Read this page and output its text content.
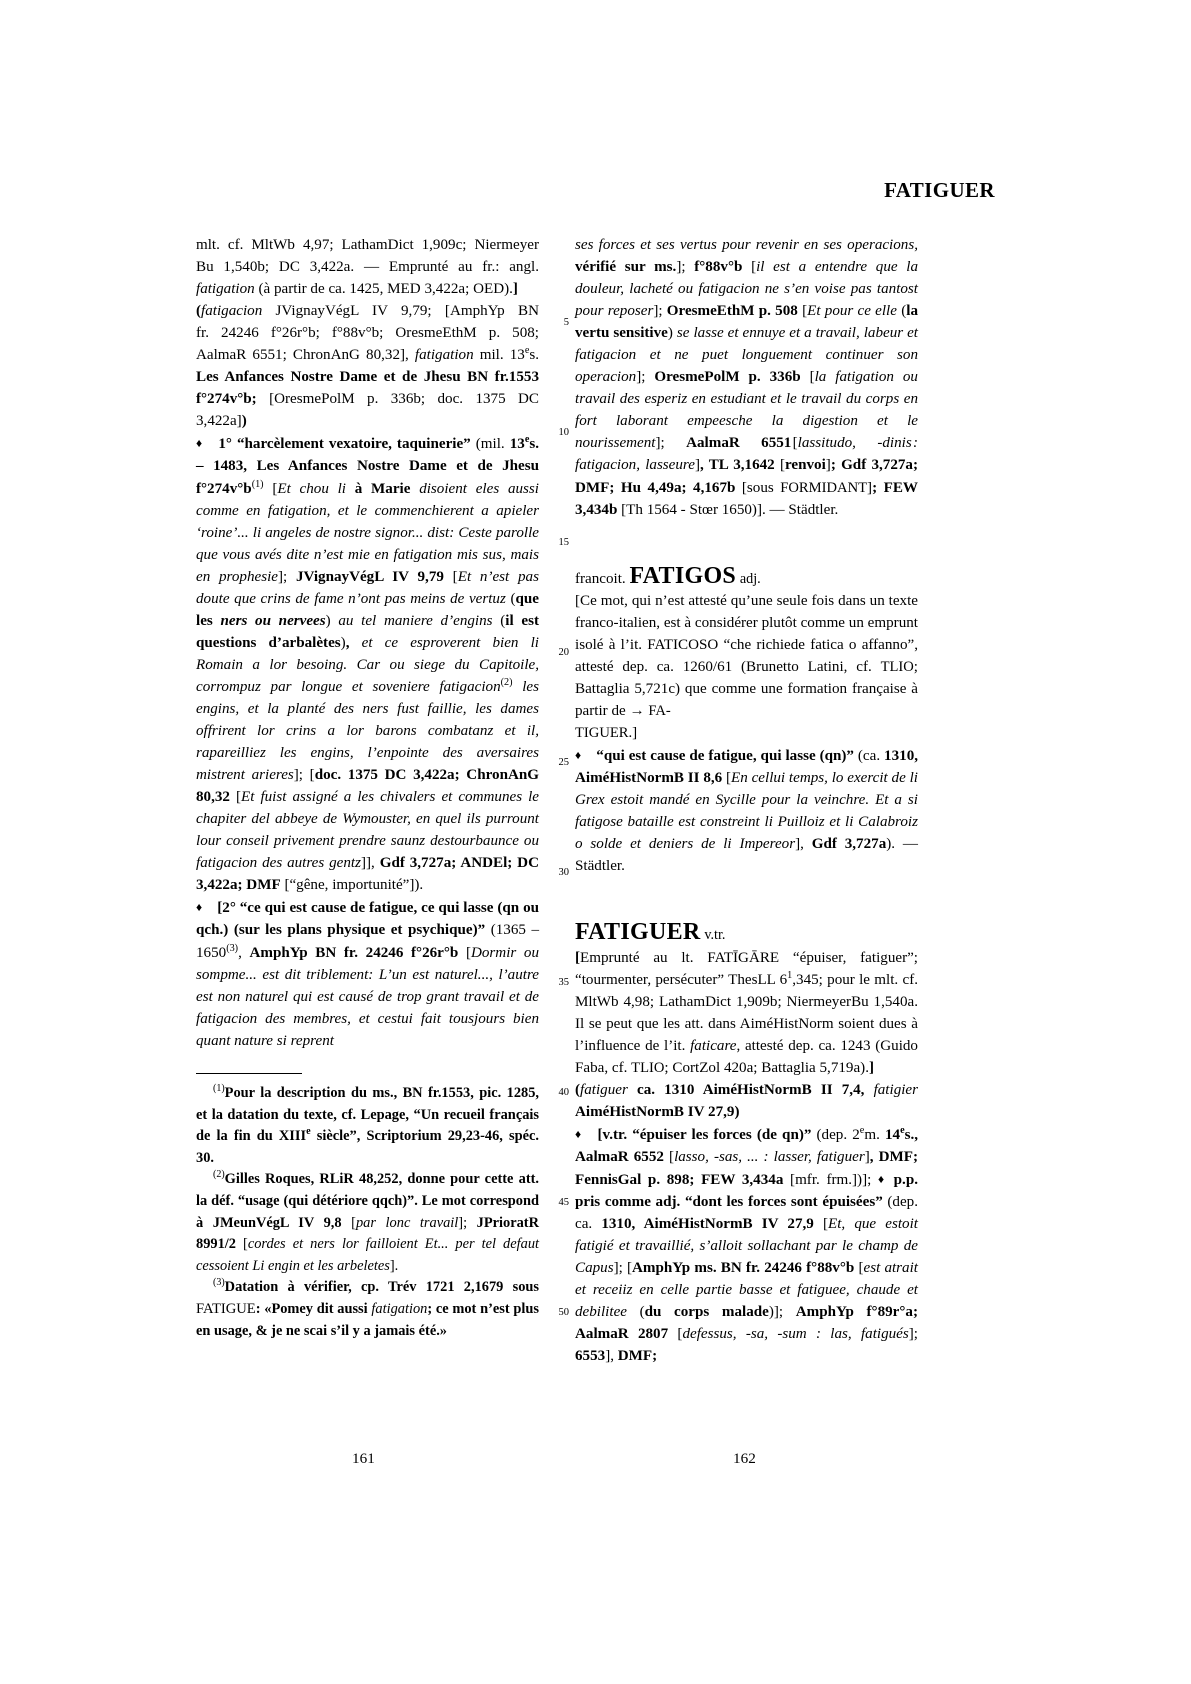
FATIGUER

mlt. cf. MltWb 4,97; LathamDict 1,909c; NiermeyerBu 1,540b; DC 3,422a. — Emprunté au fr.: angl. fatigation (à partir de ca. 1425, MED 3,422a; OED).]

(fatigacion JVignayVégL IV 9,79; [AmphYp BN fr. 24246 f°26r°b; f°88v°b; OresmeEthM p. 508; AalmaR 6551; ChronAnG 80,32], fatigation mil. 13es. Les Anfances Nostre Dame et de Jhesu BN fr.1553 f°274v°b; [OresmePolM p. 336b; doc. 1375 DC 3,422a])

♦ 1° “harcèlement vexatoire, taquinerie” (mil. 13es. – 1483, Les Anfances Nostre Dame et de Jhesu $f^\circ 274v^\circ b^{(1)}$ [Et chou li à Marie disoient eles aussi comme en fatigation, et le commenchierent a apieler ‘roine’... li angeles de nostre signor... dist: Ceste parolle que vous avés dite n’est mie en fatigation mis sus, mais en prophesie]; JVignayVégL IV 9,79 [Et n’est pas doute que crins de fame n’ont pas meins de vertuz (que les ners ou nervees) au tel maniere d’engins (il est questions d’arbalètes), et ce esproverent bien li Romain a lor besoing. Car ou siege du Capitoile, corrompuz par longue et soveniere fatigacion$^{(2)}$ les engins, et la planté des ners fust faillie, les dames offrirent lor crins a lor barons combatanz et il, rapareilliez les engins, l’enpointe des aversaires mistrent arieres]; [doc. 1375 DC 3,422a; ChronAnG 80,32 [Et fuist assigné a les chivalers et communes le chapiter del abbeye de Wymouster, en quel ils purrount lour conseil privement prendre saunz destourbaunce ou fatigacion des autres gentz]], Gdf 3,727a; ANDEl; DC 3,422a; DMF [“gêne, importunité”]).

♦ [2° “ce qui est cause de fatigue, ce qui lasse (qn ou qch.) (sur les plans physique et psychique)” (1365 – 1650$^{(3)}$, AmphYp BN fr. 24246 f°26r°b [Dormir ou sompme... est dit triblement: L’un est naturel..., l’autre est non naturel qui est causé de trop grant travail et de fatigacion des membres, et cestui fait tousjours bien quant nature si reprent

5
10
15
20
25
30
35
40
45
50

ses forces et ses vertus pour revenir en ses operacions, vérifié sur ms.]; f°88v°b [il est a entendre que la douleur, lacheté ou fatigacion ne s’en voise pas tantost pour reposer]; OresmeEthM p. 508 [Et pour ce elle (la vertu sensitive) se lasse et ennuye et a travail, labeur et fatigacion et ne puet longuement continuer son operacion]; OresmePolM p. 336b [la fatigation ou travail des esperiz en estudiant et le travail du corps en fort laborant empeesche la digestion et le nourissement]; AalmaR 6551 [lassitudo, -dinis : fatigacion, lasseure], TL 3,1642 [renvoi]; Gdf 3,727a; DMF; Hu 4,49a; 4,167b [sous FORMIDANT]; FEW 3,434b [Th 1564 - Stœr 1650)]. — Städtler.

francoit. FATIGOS adj.

[Ce mot, qui n’est attesté qu’une seule fois dans un texte franco-italien, est à considérer plutôt comme un emprunt isolé à l’it. FATICOSO “che richiede fatica o affanno”, attesté dep. ca. 1260/61 (Brunetto Latini, cf. TLIO; Battaglia 5,721c) que comme une formation française à partir de → FA-
TIGUER.]

♦ “qui est cause de fatigue, qui lasse (qn)” (ca. 1310, AiméHistNormB II 8,6 [En cellui temps, lo exercit de li Grex estoit mandé en Sycille pour la veinchre. Et a si fatigose bataille est constreint li Puilloiz et li Calabroiz o solde et deniers de li Impereor], Gdf 3,727a). — Städtler.

FATIGUER v.tr.

[Emprunté au lt. FATĪGĀRE “épuiser, fatiguer”; “tourmenter, persécuter” ThesLL $6^1,345$; pour le mlt. cf. MltWb 4,98; LathamDict 1,909b; NiermeyerBu 1,540a. Il se peut que les att. dans AiméHistNorm soient dues à l’influence de l’it. faticare, attesté dep. ca. 1243 (Guido Faba, cf. TLIO; CortZol 420a; Battaglia 5,719a).]

(fatiguer ca. 1310 AiméHistNormB II 7,4, fatigier AiméHistNormB IV 27,9)

♦ [v.tr. “épuiser les forces (de qn)” (dep. 2em. 14es., AalmaR 6552 [lasso, -sas, ... : lasser, fatiguer], DMF; FennisGal p. 898; FEW 3,434a [mfr. frm.])]; ♦ p.p. pris comme adj. “dont les forces sont épuisées” (dep. ca. 1310, AiméHistNormB IV 27,9 [Et, que estoit fatigié et travaillié, s’alloit sollachant par le champ de Capus]; [AmphYp ms. BN fr. 24246 f°88v°b [est atrait et receiiz en celle partie basse et fatiguee, chaude et debilitee (du corps malade)]; AmphYp f°89r°a; AalmaR 2807 [defessus, -sa, -sum : las, fatigués]; 6553], DMF;

$^{(1)}$Pour la description du ms., BN fr.1553, pic. 1285, et la datation du texte, cf. Lepage, “Un recueil français de la fin du XIIIe siècle”, Scriptorium 29,23-46, spéc. 30.

$^{(2)}$Gilles Roques, RLiR 48,252, donne pour cette att. la déf. “usage (qui détériore qqch)”. Le mot correspond à JMeunVégL IV 9,8 [par lonc travail]; JPrioratR 8991/2 [cordes et ners lor failloient Et... per tel defaut cessoient Li engin et les arbeletes].

$^{(3)}$Datation à vérifier, cp. Trév 1721 2,1679 sous FATIGUE: «Pomey dit aussi fatigation; ce mot n’est plus en usage, & je ne scai s’il y a jamais été.»

161	162
